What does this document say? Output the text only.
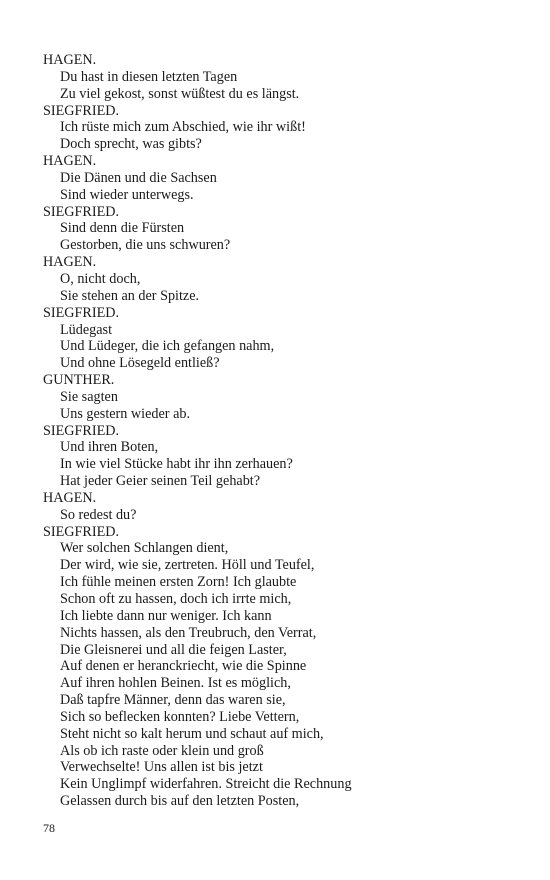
HAGEN.
Du hast in diesen letzten Tagen
Zu viel gekost, sonst wüßtest du es längst.
SIEGFRIED.
Ich rüste mich zum Abschied, wie ihr wißt!
Doch sprecht, was gibts?
HAGEN.
Die Dänen und die Sachsen
Sind wieder unterwegs.
SIEGFRIED.
Sind denn die Fürsten
Gestorben, die uns schwuren?
HAGEN.
O, nicht doch,
Sie stehen an der Spitze.
SIEGFRIED.
Lüdegast
Und Lüdeger, die ich gefangen nahm,
Und ohne Lösegeld entließ?
GUNTHER.
Sie sagten
Uns gestern wieder ab.
SIEGFRIED.
Und ihren Boten,
In wie viel Stücke habt ihr ihn zerhauen?
Hat jeder Geier seinen Teil gehabt?
HAGEN.
So redest du?
SIEGFRIED.
Wer solchen Schlangen dient,
Der wird, wie sie, zertreten. Höll und Teufel,
Ich fühle meinen ersten Zorn! Ich glaubte
Schon oft zu hassen, doch ich irrte mich,
Ich liebte dann nur weniger. Ich kann
Nichts hassen, als den Treubruch, den Verrat,
Die Gleisnerei und all die feigen Laster,
Auf denen er heranckriecht, wie die Spinne
Auf ihren hohlen Beinen. Ist es möglich,
Daß tapfre Männer, denn das waren sie,
Sich so beflecken konnten? Liebe Vettern,
Steht nicht so kalt herum und schaut auf mich,
Als ob ich raste oder klein und groß
Verwechselte! Uns allen ist bis jetzt
Kein Unglimpf widerfahren. Streicht die Rechnung
Gelassen durch bis auf den letzten Posten,
78
